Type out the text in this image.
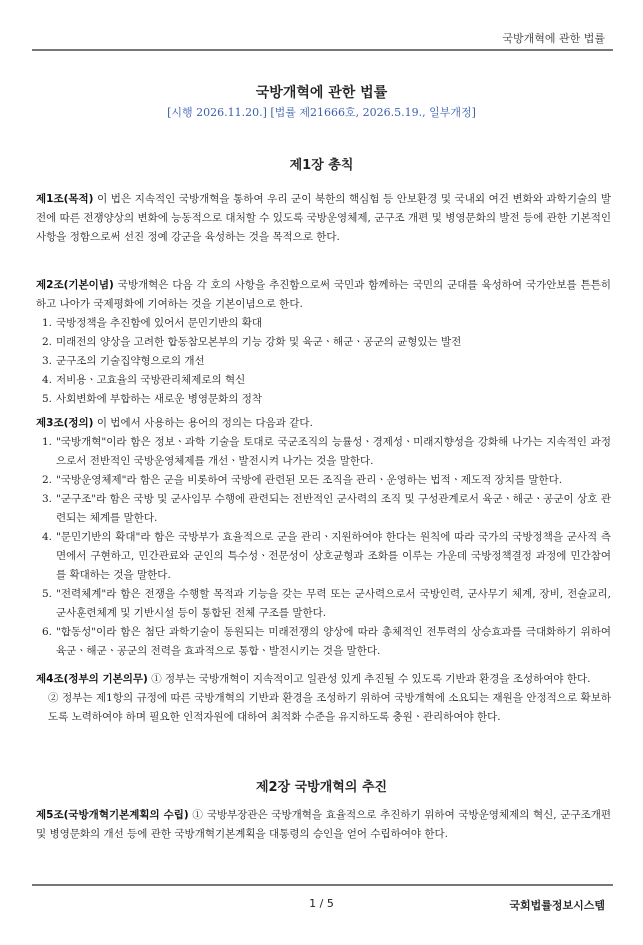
국방개혁에 관한 법률
국방개혁에 관한 법률
[시행 2026.11.20.] [법률 제21666호, 2026.5.19., 일부개정]
제1장 총칙
제1조(목적) 이 법은 지속적인 국방개혁을 통하여 우리 군이 북한의 핵심험 등 안보환경 및 국내외 여건 변화와 과학기술의 발전에 따른 전쟁양상의 변화에 능동적으로 대처할 수 있도록 국방운영체제, 군구조 개편 및 병영문화의 발전 등에 관한 기본적인 사항을 정함으로써 선진 정예 강군을 육성하는 것을 목적으로 한다.
제2조(기본이념) 국방개혁은 다음 각 호의 사항을 추진함으로써 국민과 함께하는 국민의 군대를 육성하여 국가안보를 튼튼히 하고 나아가 국제평화에 기여하는 것을 기본이념으로 한다.
1. 국방정책을 추진함에 있어서 문민기반의 확대
2. 미래전의 양상을 고려한 합동참모본부의 기능 강화 및 육군ㆍ해군ㆍ공군의 균형있는 발전
3. 군구조의 기술집약형으로의 개선
4. 저비용ㆍ고효율의 국방관리체제로의 혁신
5. 사회변화에 부합하는 새로운 병영문화의 정착
제3조(정의) 이 법에서 사용하는 용어의 정의는 다음과 같다.
1. "국방개혁"이라 함은 정보ㆍ과학 기술을 토대로 국군조직의 능률성ㆍ경제성ㆍ미래지향성을 강화해 나가는 지속적인 과정으로서 전반적인 국방운영체제를 개선ㆍ발전시켜 나가는 것을 말한다.
2. "국방운영체제"라 함은 군을 비롯하여 국방에 관련된 모든 조직을 관리ㆍ운영하는 법적ㆍ제도적 장치를 말한다.
3. "군구조"라 함은 국방 및 군사임무 수행에 관련되는 전반적인 군사력의 조직 및 구성관계로서 육군ㆍ해군ㆍ공군이 상호 관련되는 체계를 말한다.
4. "문민기반의 확대"라 함은 국방부가 효율적으로 군을 관리ㆍ지원하여야 한다는 원칙에 따라 국가의 국방정책을 군사적 측면에서 구현하고, 민간관료와 군인의 특수성ㆍ전문성이 상호균형과 조화를 이루는 가운데 국방정책결정 과정에 민간참여를 확대하는 것을 말한다.
5. "전력체계"라 함은 전쟁을 수행할 목적과 기능을 갖는 무력 또는 군사력으로서 국방인력, 군사무기 체계, 장비, 전술교리, 군사훈련체계 및 기반시설 등이 통합된 전체 구조를 말한다.
6. "합동성"이라 함은 첨단 과학기술이 동원되는 미래전쟁의 양상에 따라 총체적인 전투력의 상승효과를 극대화하기 위하여 육군ㆍ해군ㆍ공군의 전력을 효과적으로 통합ㆍ발전시키는 것을 말한다.
제4조(정부의 기본의무) ① 정부는 국방개혁이 지속적이고 일관성 있게 추진될 수 있도록 기반과 환경을 조성하여야 한다.
② 정부는 제1항의 규정에 따른 국방개혁의 기반과 환경을 조성하기 위하여 국방개혁에 소요되는 재원을 안정적으로 확보하도록 노력하여야 하며 필요한 인적자원에 대하여 최적화 수준을 유지하도록 충원ㆍ관리하여야 한다.
제2장 국방개혁의 추진
제5조(국방개혁기본계획의 수립) ① 국방부장관은 국방개혁을 효율적으로 추진하기 위하여 국방운영체제의 혁신, 군구조개편 및 병영문화의 개선 등에 관한 국방개혁기본계획을 대통령의 승인을 얻어 수립하여야 한다.
1 / 5	국회법률정보시스템
